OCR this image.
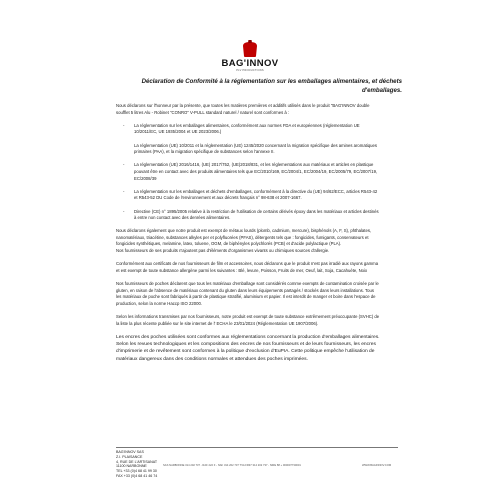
BAG'INNOV
PLV PRODUCTIONS
Déclaration de Conformité à la réglementation sur les emballages alimentaires, et déchets d'emballages.

Nous déclarons sur l'honneur par la présente, que toutes les matières premières et additifs utilisés dans le produit "BAG'INNOV double soufflet 5 litres Alu - Robinet "CONRO" V-PULL standard naturel / naturel sont conformes à :

- La réglementation sur les emballages alimentaires, conformément aux normes FDA et européennes (réglementation UE 10/2011/EC, UE 1935/2004 et UE 2023/2006.)
La réglementation (UE) 10/2011 et la réglementation (UE) 1245/2020 concernant la migration spécifique des amines aromatiques primaires (PAA), et la migration spécifique de substances selon l'annexe II.
- La réglementation (UE) 2016/1416, (UE) 2017/752, (UE)2018/831, et les réglementations aux matériaux et articles en plastique pouvant être en contact avec des produits alimentaires tels que EC/2010/169, EC/2004/1, EC/2004/19, EC/2005/79, EC/2007/19, EC/2008/39
- La réglementation sur les emballages et déchets d'emballages, conformément à la directive du (UE) 94/62/ECC, articles R543-42 et R543-52 DU Code de l'environnement et aux décrets français n° 98-638 et 2007-1667.
- Directive (CE) n° 1895/2005 relative à la restriction de l'utilisation de certains dérivés époxy dans les matériaux et articles destinés à entre non contact avec des denrées alimentaires.

Nous déclarons également que notre produit est exempt de métaux lourds (plomb, cadmium, mercure), bisphénols (A, F, S), phthalates, nanomatériaux, triacétine, substances alkyles per et polyfluorées (PFAS), détergents tels que : fongicides, fumigants, conservateurs et fongicides synthétiques, melamine, latex, toluene, OGM, de biphényles polychlorés (PCB) et d'acide polylactique (PLA).

Nos fournisseurs de ses produits n'ajoutent pas d'éléments d'organismes vivants ou chimiques sources d'allergie.

Conformément aux certificats de nos fournisseurs de film et accessoires, nous déclarons que le produit n'est pas irradié aux rayons gamma et est exempt de toute substance allergène parmi les suivantes : Blé, levure, Poisson, Fruits de mer, Oeuf, lait, Soja, Cacahuète, Noix

Nos fournisseurs de poches déclarent que tous les matériaux d'emballage sont considérés comme exempts de contamination croisée par le gluten, en raison de l'absence de matériaux contenant du gluten dans leurs équipements partagés / stockés dans leurs installations. Tous les matériaux de poche sont fabriqués à partir de plastique stratifié, aluminium et papier. Il est interdit de manger et boire dans l'espace de production, selon la norme Haccp ISO 22000.

Selon les informations transmises par nos fournisseurs, notre produit est exempt de toute substance extrêmement préoccupante (SVHC) de la liste la plus récente publiée sur le site internet de l' ECHA le 23/01/2024 (Réglementation UE 1907/2006).

Les encres des poches utilisées sont conformes aux réglementations concernant la production d'emballages alimentaires. Selon les revues technologiques et les compositions des encres de nos fournisseurs et de leurs fournisseurs, les encres d'imprimerie et de revêtement sont conformes à la politique d'exclusion d'EuPIA. Cette politique empêche l'utilisation de matériaux dangereux dans des conditions normales et attendues des poches imprimées.

BAG'INNOV SAS
Z.I. PLAISANCE
4, RUE DE L'ARTISANAT
11100 NARBONNE
TEL +33 (0)4 68 41 99 30
FAX +33 (0)4 68 41 46 74
SAS NARBONNE 314 202 737 - RAF 222 F - NAF 314 202 737 TVA FR37 314 202 737 - SIRE 88 + 000007730001	WWW.BAGINNOV.COM
